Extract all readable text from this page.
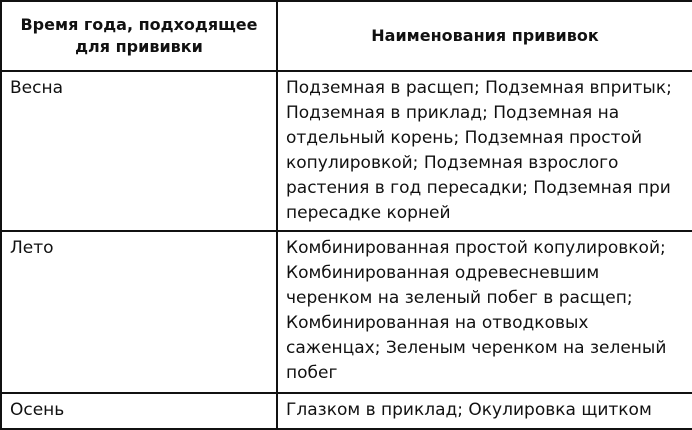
Время года, подходящее для прививки	Наименования прививок
Весна	Подземная в расщеп; Подземная впритык; Подземная в приклад; Подземная на отдельный корень; Подземная простой копулировкой; Подземная взрослого растения в год пересадки; Подземная при пересадке корней
Лето	Комбинированная простой копулировкой; Комбинированная одревесневшим черенком на зеленый побег в расщеп; Комбинированная на отводковых саженцах; Зеленым черенком на зеленый побег
Осень	Глазком в приклад; Окулировка щитком
